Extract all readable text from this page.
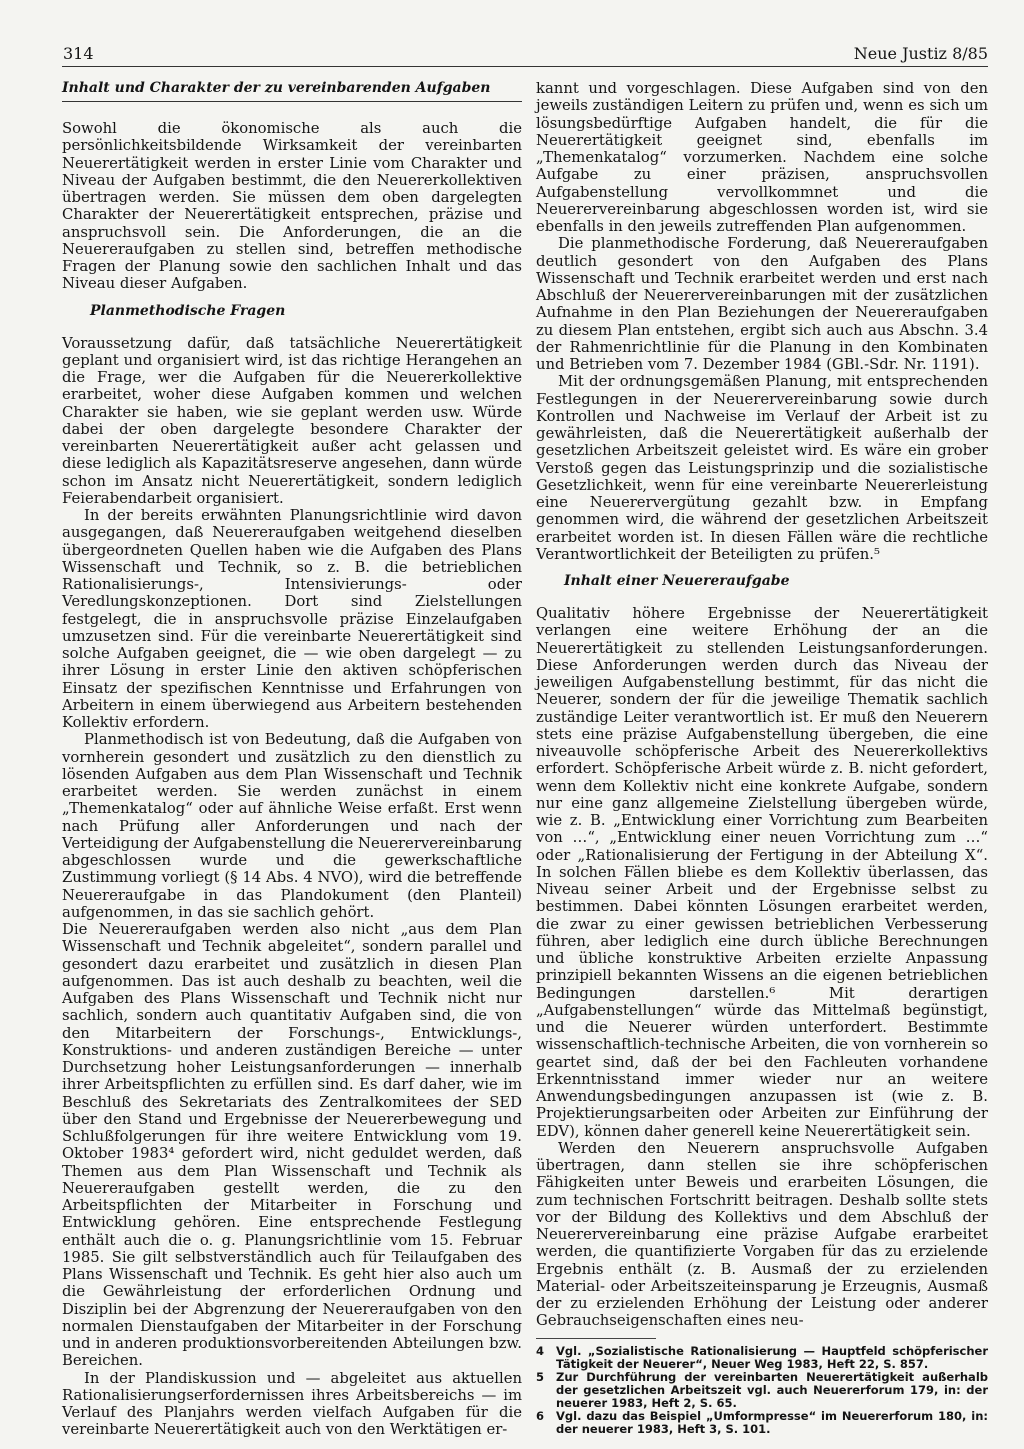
314	Neue Justiz 8/85
Inhalt und Charakter der zu vereinbarenden Aufgaben

Sowohl die ökonomische als auch die persönlichkeitsbildende Wirksamkeit der vereinbarten Neuerertätigkeit werden in erster Linie vom Charakter und Niveau der Aufgaben bestimmt, die den Neuererkollektiven übertragen werden. Sie müssen dem oben dargelegten Charakter der Neuerertätigkeit entsprechen, präzise und anspruchsvoll sein. Die Anforderungen, die an die Neuereraufgaben zu stellen sind, betreffen methodische Fragen der Planung sowie den sachlichen Inhalt und das Niveau dieser Aufgaben.

Planmethodische Fragen

Voraussetzung dafür, daß tatsächliche Neuerertätigkeit geplant und organisiert wird, ist das richtige Herangehen an die Frage, wer die Aufgaben für die Neuererkollektive erarbeitet, woher diese Aufgaben kommen und welchen Charakter sie haben, wie sie geplant werden usw. Würde dabei der oben dargelegte besondere Charakter der vereinbarten Neuerertätigkeit außer acht gelassen und diese lediglich als Kapazitätsreserve angesehen, dann würde schon im Ansatz nicht Neuerertätigkeit, sondern lediglich Feierabendarbeit organisiert.

In der bereits erwähnten Planungsrichtlinie wird davon ausgegangen, daß Neuereraufgaben weitgehend dieselben übergeordneten Quellen haben wie die Aufgaben des Plans Wissenschaft und Technik, so z. B. die betrieblichen Rationalisierungs-, Intensivierungs- oder Veredlungskonzeptionen. Dort sind Zielstellungen festgelegt, die in anspruchsvolle präzise Einzelaufgaben umzusetzen sind. Für die vereinbarte Neuerertätigkeit sind solche Aufgaben geeignet, die — wie oben dargelegt — zu ihrer Lösung in erster Linie den aktiven schöpferischen Einsatz der spezifischen Kenntnisse und Erfahrungen von Arbeitern in einem überwiegend aus Arbeitern bestehenden Kollektiv erfordern.

Planmethodisch ist von Bedeutung, daß die Aufgaben von vornherein gesondert und zusätzlich zu den dienstlich zu lösenden Aufgaben aus dem Plan Wissenschaft und Technik erarbeitet werden. Sie werden zunächst in einem „Themenkatalog“ oder auf ähnliche Weise erfaßt. Erst wenn nach Prüfung aller Anforderungen und nach der Verteidigung der Aufgabenstellung die Neuerervereinbarung abgeschlossen wurde und die gewerkschaftliche Zustimmung vorliegt (§ 14 Abs. 4 NVO), wird die betreffende Neuereraufgabe in das Plandokument (den Planteil) aufgenommen, in das sie sachlich gehört.

Die Neuereraufgaben werden also nicht „aus dem Plan Wissenschaft und Technik abgeleitet“, sondern parallel und gesondert dazu erarbeitet und zusätzlich in diesen Plan aufgenommen. Das ist auch deshalb zu beachten, weil die Aufgaben des Plans Wissenschaft und Technik nicht nur sachlich, sondern auch quantitativ Aufgaben sind, die von den Mitarbeitern der Forschungs-, Entwicklungs-, Konstruktions- und anderen zuständigen Bereiche — unter Durchsetzung hoher Leistungsanforderungen — innerhalb ihrer Arbeitspflichten zu erfüllen sind. Es darf daher, wie im Beschluß des Sekretariats des Zentralkomitees der SED über den Stand und Ergebnisse der Neuererbewegung und Schlußfolgerungen für ihre weitere Entwicklung vom 19. Oktober 1983⁴ gefordert wird, nicht geduldet werden, daß Themen aus dem Plan Wissenschaft und Technik als Neuereraufgaben gestellt werden, die zu den Arbeitspflichten der Mitarbeiter in Forschung und Entwicklung gehören. Eine entsprechende Festlegung enthält auch die o. g. Planungsrichtlinie vom 15. Februar 1985. Sie gilt selbstverständlich auch für Teilaufgaben des Plans Wissenschaft und Technik. Es geht hier also auch um die Gewährleistung der erforderlichen Ordnung und Disziplin bei der Abgrenzung der Neuereraufgaben von den normalen Dienstaufgaben der Mitarbeiter in der Forschung und in anderen produktionsvorbereitenden Abteilungen bzw. Bereichen.

In der Plandiskussion und — abgeleitet aus aktuellen Rationalisierungserfordernissen ihres Arbeitsbereichs — im Verlauf des Planjahrs werden vielfach Aufgaben für die vereinbarte Neuerertätigkeit auch von den Werktätigen er-

kannt und vorgeschlagen. Diese Aufgaben sind von den jeweils zuständigen Leitern zu prüfen und, wenn es sich um lösungsbedürftige Aufgaben handelt, die für die Neuerertätigkeit geeignet sind, ebenfalls im „Themenkatalog“ vorzumerken. Nachdem eine solche Aufgabe zu einer präzisen, anspruchsvollen Aufgabenstellung vervollkommnet und die Neuerervereinbarung abgeschlossen worden ist, wird sie ebenfalls in den jeweils zutreffenden Plan aufgenommen.

Die planmethodische Forderung, daß Neuereraufgaben deutlich gesondert von den Aufgaben des Plans Wissenschaft und Technik erarbeitet werden und erst nach Abschluß der Neuerervereinbarungen mit der zusätzlichen Aufnahme in den Plan Beziehungen der Neuereraufgaben zu diesem Plan entstehen, ergibt sich auch aus Abschn. 3.4 der Rahmenrichtlinie für die Planung in den Kombinaten und Betrieben vom 7. Dezember 1984 (GBl.-Sdr. Nr. 1191).

Mit der ordnungsgemäßen Planung, mit entsprechenden Festlegungen in der Neuerervereinbarung sowie durch Kontrollen und Nachweise im Verlauf der Arbeit ist zu gewährleisten, daß die Neuerertätigkeit außerhalb der gesetzlichen Arbeitszeit geleistet wird. Es wäre ein grober Verstoß gegen das Leistungsprinzip und die sozialistische Gesetzlichkeit, wenn für eine vereinbarte Neuererleistung eine Neuerervergütung gezahlt bzw. in Empfang genommen wird, die während der gesetzlichen Arbeitszeit erarbeitet worden ist. In diesen Fällen wäre die rechtliche Verantwortlichkeit der Beteiligten zu prüfen.⁵

Inhalt einer Neuereraufgabe

Qualitativ höhere Ergebnisse der Neuerertätigkeit verlangen eine weitere Erhöhung der an die Neuerertätigkeit zu stellenden Leistungsanforderungen. Diese Anforderungen werden durch das Niveau der jeweiligen Aufgabenstellung bestimmt, für das nicht die Neuerer, sondern der für die jeweilige Thematik sachlich zuständige Leiter verantwortlich ist. Er muß den Neuerern stets eine präzise Aufgabenstellung übergeben, die eine niveauvolle schöpferische Arbeit des Neuererkollektivs erfordert. Schöpferische Arbeit würde z. B. nicht gefordert, wenn dem Kollektiv nicht eine konkrete Aufgabe, sondern nur eine ganz allgemeine Zielstellung übergeben würde, wie z. B. „Entwicklung einer Vorrichtung zum Bearbeiten von …“, „Entwicklung einer neuen Vorrichtung zum …“ oder „Rationalisierung der Fertigung in der Abteilung X“. In solchen Fällen bliebe es dem Kollektiv überlassen, das Niveau seiner Arbeit und der Ergebnisse selbst zu bestimmen. Dabei könnten Lösungen erarbeitet werden, die zwar zu einer gewissen betrieblichen Verbesserung führen, aber lediglich eine durch übliche Berechnungen und übliche konstruktive Arbeiten erzielte Anpassung prinzipiell bekannten Wissens an die eigenen betrieblichen Bedingungen darstellen.⁶ Mit derartigen „Aufgabenstellungen“ würde das Mittelmaß begünstigt, und die Neuerer würden unterfordert. Bestimmte wissenschaftlich-technische Arbeiten, die von vornherein so geartet sind, daß der bei den Fachleuten vorhandene Erkenntnisstand immer wieder nur an weitere Anwendungsbedingungen anzupassen ist (wie z. B. Projektierungsarbeiten oder Arbeiten zur Einführung der EDV), können daher generell keine Neuerertätigkeit sein.

Werden den Neuerern anspruchsvolle Aufgaben übertragen, dann stellen sie ihre schöpferischen Fähigkeiten unter Beweis und erarbeiten Lösungen, die zum technischen Fortschritt beitragen. Deshalb sollte stets vor der Bildung des Kollektivs und dem Abschluß der Neuerervereinbarung eine präzise Aufgabe erarbeitet werden, die quantifizierte Vorgaben für das zu erzielende Ergebnis enthält (z. B. Ausmaß der zu erzielenden Material- oder Arbeitszeiteinsparung je Erzeugnis, Ausmaß der zu erzielenden Erhöhung der Leistung oder anderer Gebrauchseigenschaften eines neu-

4	Vgl. „Sozialistische Rationalisierung — Hauptfeld schöpferischer Tätigkeit der Neuerer“, Neuer Weg 1983, Heft 22, S. 857.
5	Zur Durchführung der vereinbarten Neuerertätigkeit außerhalb der gesetzlichen Arbeitszeit vgl. auch Neuererforum 179, in: der neuerer 1983, Heft 2, S. 65.
6	Vgl. dazu das Beispiel „Umformpresse“ im Neuererforum 180, in: der neuerer 1983, Heft 3, S. 101.
